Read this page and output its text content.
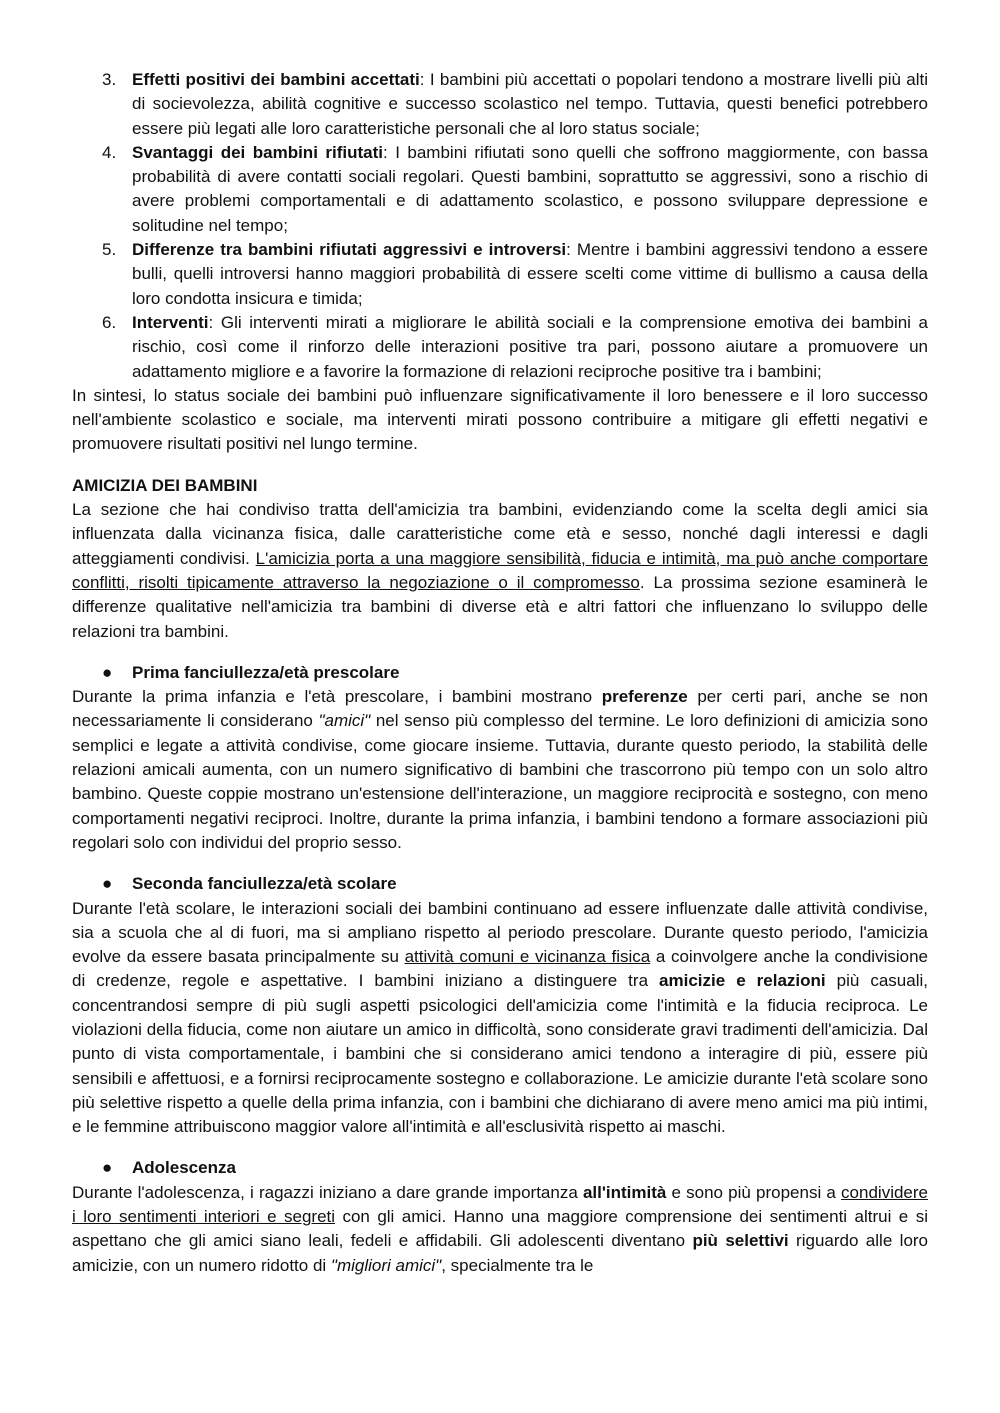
3. Effetti positivi dei bambini accettati: I bambini più accettati o popolari tendono a mostrare livelli più alti di socievolezza, abilità cognitive e successo scolastico nel tempo. Tuttavia, questi benefici potrebbero essere più legati alle loro caratteristiche personali che al loro status sociale;
4. Svantaggi dei bambini rifiutati: I bambini rifiutati sono quelli che soffrono maggiormente, con bassa probabilità di avere contatti sociali regolari. Questi bambini, soprattutto se aggressivi, sono a rischio di avere problemi comportamentali e di adattamento scolastico, e possono sviluppare depressione e solitudine nel tempo;
5. Differenze tra bambini rifiutati aggressivi e introversi: Mentre i bambini aggressivi tendono a essere bulli, quelli introversi hanno maggiori probabilità di essere scelti come vittime di bullismo a causa della loro condotta insicura e timida;
6. Interventi: Gli interventi mirati a migliorare le abilità sociali e la comprensione emotiva dei bambini a rischio, così come il rinforzo delle interazioni positive tra pari, possono aiutare a promuovere un adattamento migliore e a favorire la formazione di relazioni reciproche positive tra i bambini;

In sintesi, lo status sociale dei bambini può influenzare significativamente il loro benessere e il loro successo nell'ambiente scolastico e sociale, ma interventi mirati possono contribuire a mitigare gli effetti negativi e promuovere risultati positivi nel lungo termine.

AMICIZIA DEI BAMBINI

La sezione che hai condiviso tratta dell'amicizia tra bambini, evidenziando come la scelta degli amici sia influenzata dalla vicinanza fisica, dalle caratteristiche come età e sesso, nonché dagli interessi e dagli atteggiamenti condivisi. L'amicizia porta a una maggiore sensibilità, fiducia e intimità, ma può anche comportare conflitti, risolti tipicamente attraverso la negoziazione o il compromesso. La prossima sezione esaminerà le differenze qualitative nell'amicizia tra bambini di diverse età e altri fattori che influenzano lo sviluppo delle relazioni tra bambini.

● Prima fanciullezza/età prescolare

Durante la prima infanzia e l'età prescolare, i bambini mostrano preferenze per certi pari, anche se non necessariamente li considerano "amici" nel senso più complesso del termine. Le loro definizioni di amicizia sono semplici e legate a attività condivise, come giocare insieme. Tuttavia, durante questo periodo, la stabilità delle relazioni amicali aumenta, con un numero significativo di bambini che trascorrono più tempo con un solo altro bambino. Queste coppie mostrano un'estensione dell'interazione, un maggiore reciprocità e sostegno, con meno comportamenti negativi reciproci. Inoltre, durante la prima infanzia, i bambini tendono a formare associazioni più regolari solo con individui del proprio sesso.

● Seconda fanciullezza/età scolare

Durante l'età scolare, le interazioni sociali dei bambini continuano ad essere influenzate dalle attività condivise, sia a scuola che al di fuori, ma si ampliano rispetto al periodo prescolare. Durante questo periodo, l'amicizia evolve da essere basata principalmente su attività comuni e vicinanza fisica a coinvolgere anche la condivisione di credenze, regole e aspettative. I bambini iniziano a distinguere tra amicizie e relazioni più casuali, concentrandosi sempre di più sugli aspetti psicologici dell'amicizia come l'intimità e la fiducia reciproca. Le violazioni della fiducia, come non aiutare un amico in difficoltà, sono considerate gravi tradimenti dell'amicizia. Dal punto di vista comportamentale, i bambini che si considerano amici tendono a interagire di più, essere più sensibili e affettuosi, e a fornirsi reciprocamente sostegno e collaborazione. Le amicizie durante l'età scolare sono più selettive rispetto a quelle della prima infanzia, con i bambini che dichiarano di avere meno amici ma più intimi, e le femmine attribuiscono maggior valore all'intimità e all'esclusività rispetto ai maschi.

● Adolescenza

Durante l'adolescenza, i ragazzi iniziano a dare grande importanza all'intimità e sono più propensi a condividere i loro sentimenti interiori e segreti con gli amici. Hanno una maggiore comprensione dei sentimenti altrui e si aspettano che gli amici siano leali, fedeli e affidabili. Gli adolescenti diventano più selettivi riguardo alle loro amicizie, con un numero ridotto di "migliori amici", specialmente tra le
